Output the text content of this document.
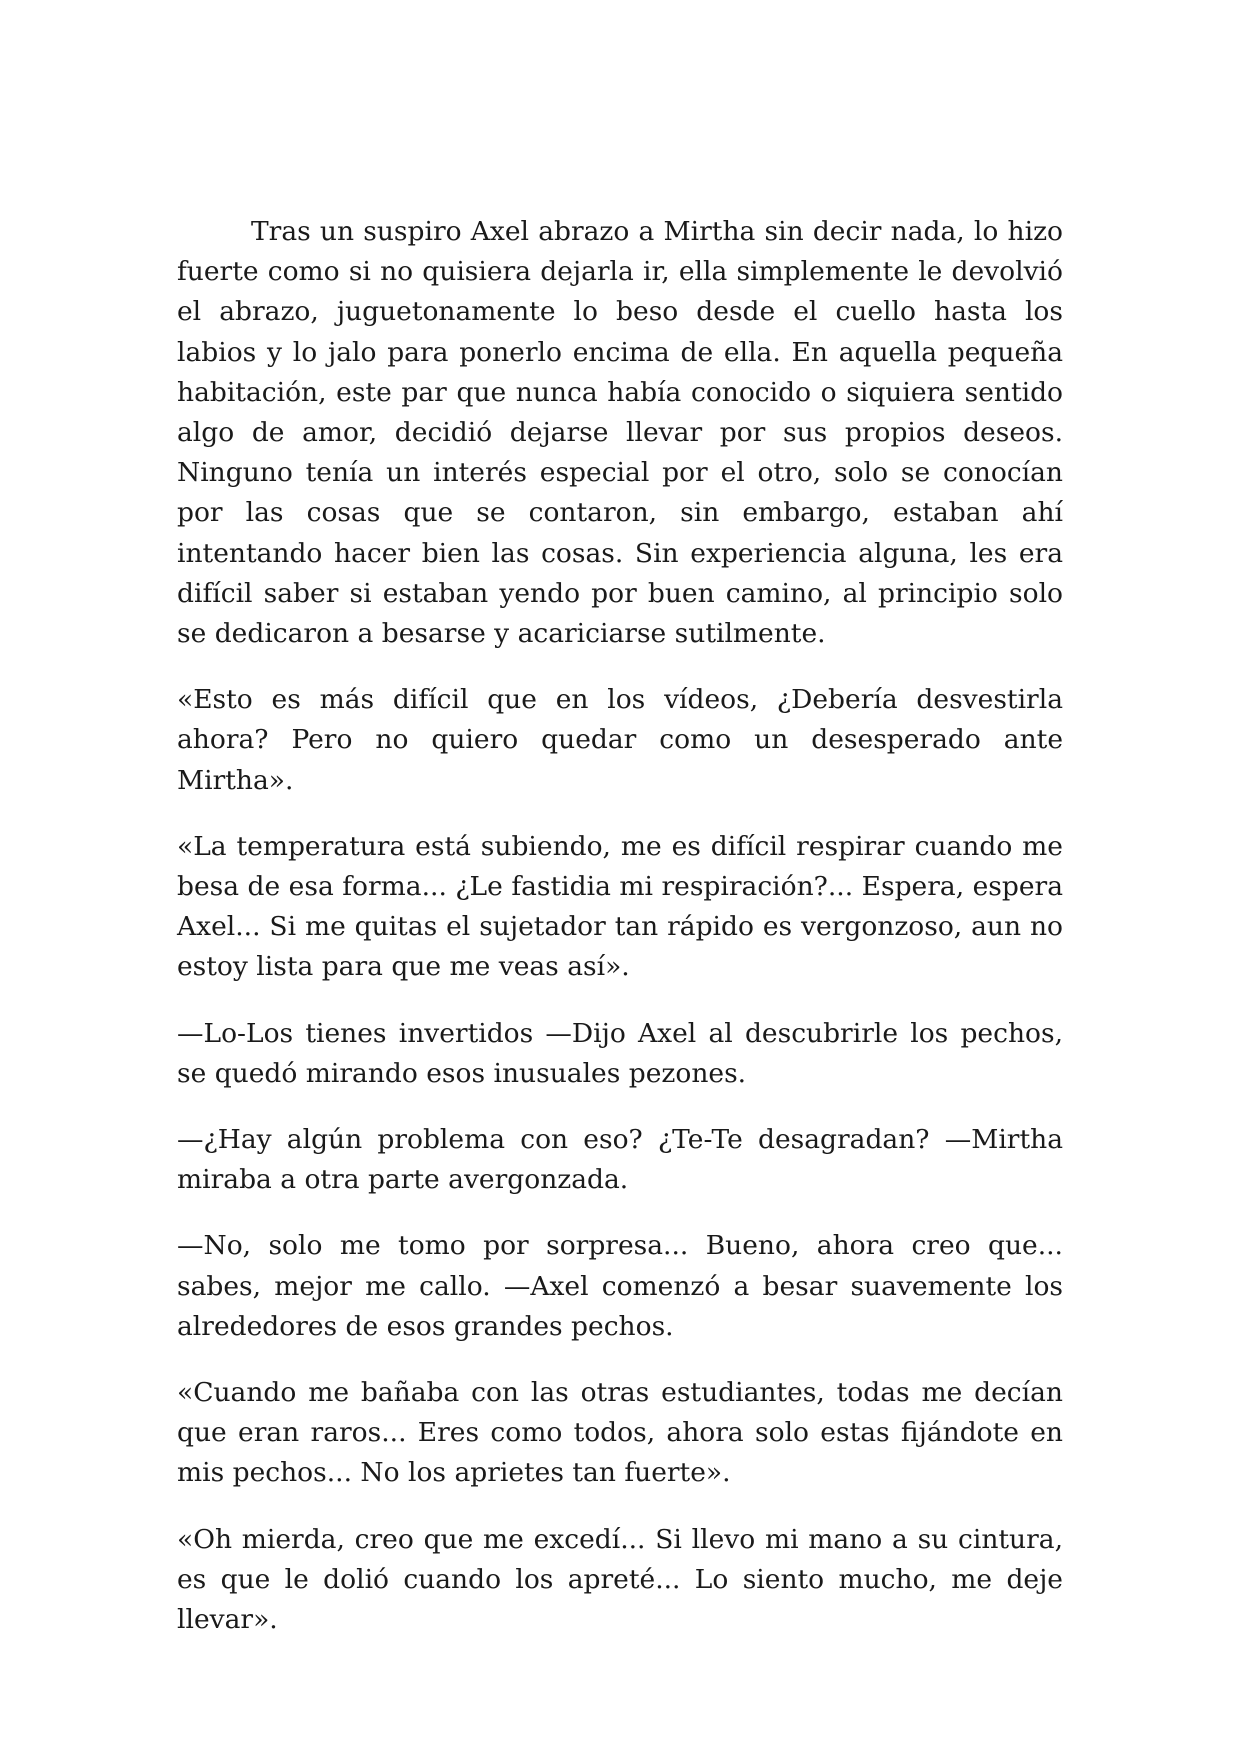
Tras un suspiro Axel abrazo a Mirtha sin decir nada, lo hizo fuerte como si no quisiera dejarla ir, ella simplemente le devolvió el abrazo, juguetonamente lo beso desde el cuello hasta los labios y lo jalo para ponerlo encima de ella. En aquella pequeña habitación, este par que nunca había conocido o siquiera sentido algo de amor, decidió dejarse llevar por sus propios deseos. Ninguno tenía un interés especial por el otro, solo se conocían por las cosas que se contaron, sin embargo, estaban ahí intentando hacer bien las cosas. Sin experiencia alguna, les era difícil saber si estaban yendo por buen camino, al principio solo se dedicaron a besarse y acariciarse sutilmente.

«Esto es más difícil que en los vídeos, ¿Debería desvestirla ahora? Pero no quiero quedar como un desesperado ante Mirtha».

«La temperatura está subiendo, me es difícil respirar cuando me besa de esa forma... ¿Le fastidia mi respiración?... Espera, espera Axel... Si me quitas el sujetador tan rápido es vergonzoso, aun no estoy lista para que me veas así».

—Lo-Los tienes invertidos —Dijo Axel al descubrirle los pechos, se quedó mirando esos inusuales pezones.

—¿Hay algún problema con eso? ¿Te-Te desagradan? —Mirtha miraba a otra parte avergonzada.

—No, solo me tomo por sorpresa... Bueno, ahora creo que... sabes, mejor me callo. —Axel comenzó a besar suavemente los alrededores de esos grandes pechos.

«Cuando me bañaba con las otras estudiantes, todas me decían que eran raros... Eres como todos, ahora solo estas fijándote en mis pechos... No los aprietes tan fuerte».

«Oh mierda, creo que me excedí... Si llevo mi mano a su cintura, es que le dolió cuando los apreté... Lo siento mucho, me deje llevar».
